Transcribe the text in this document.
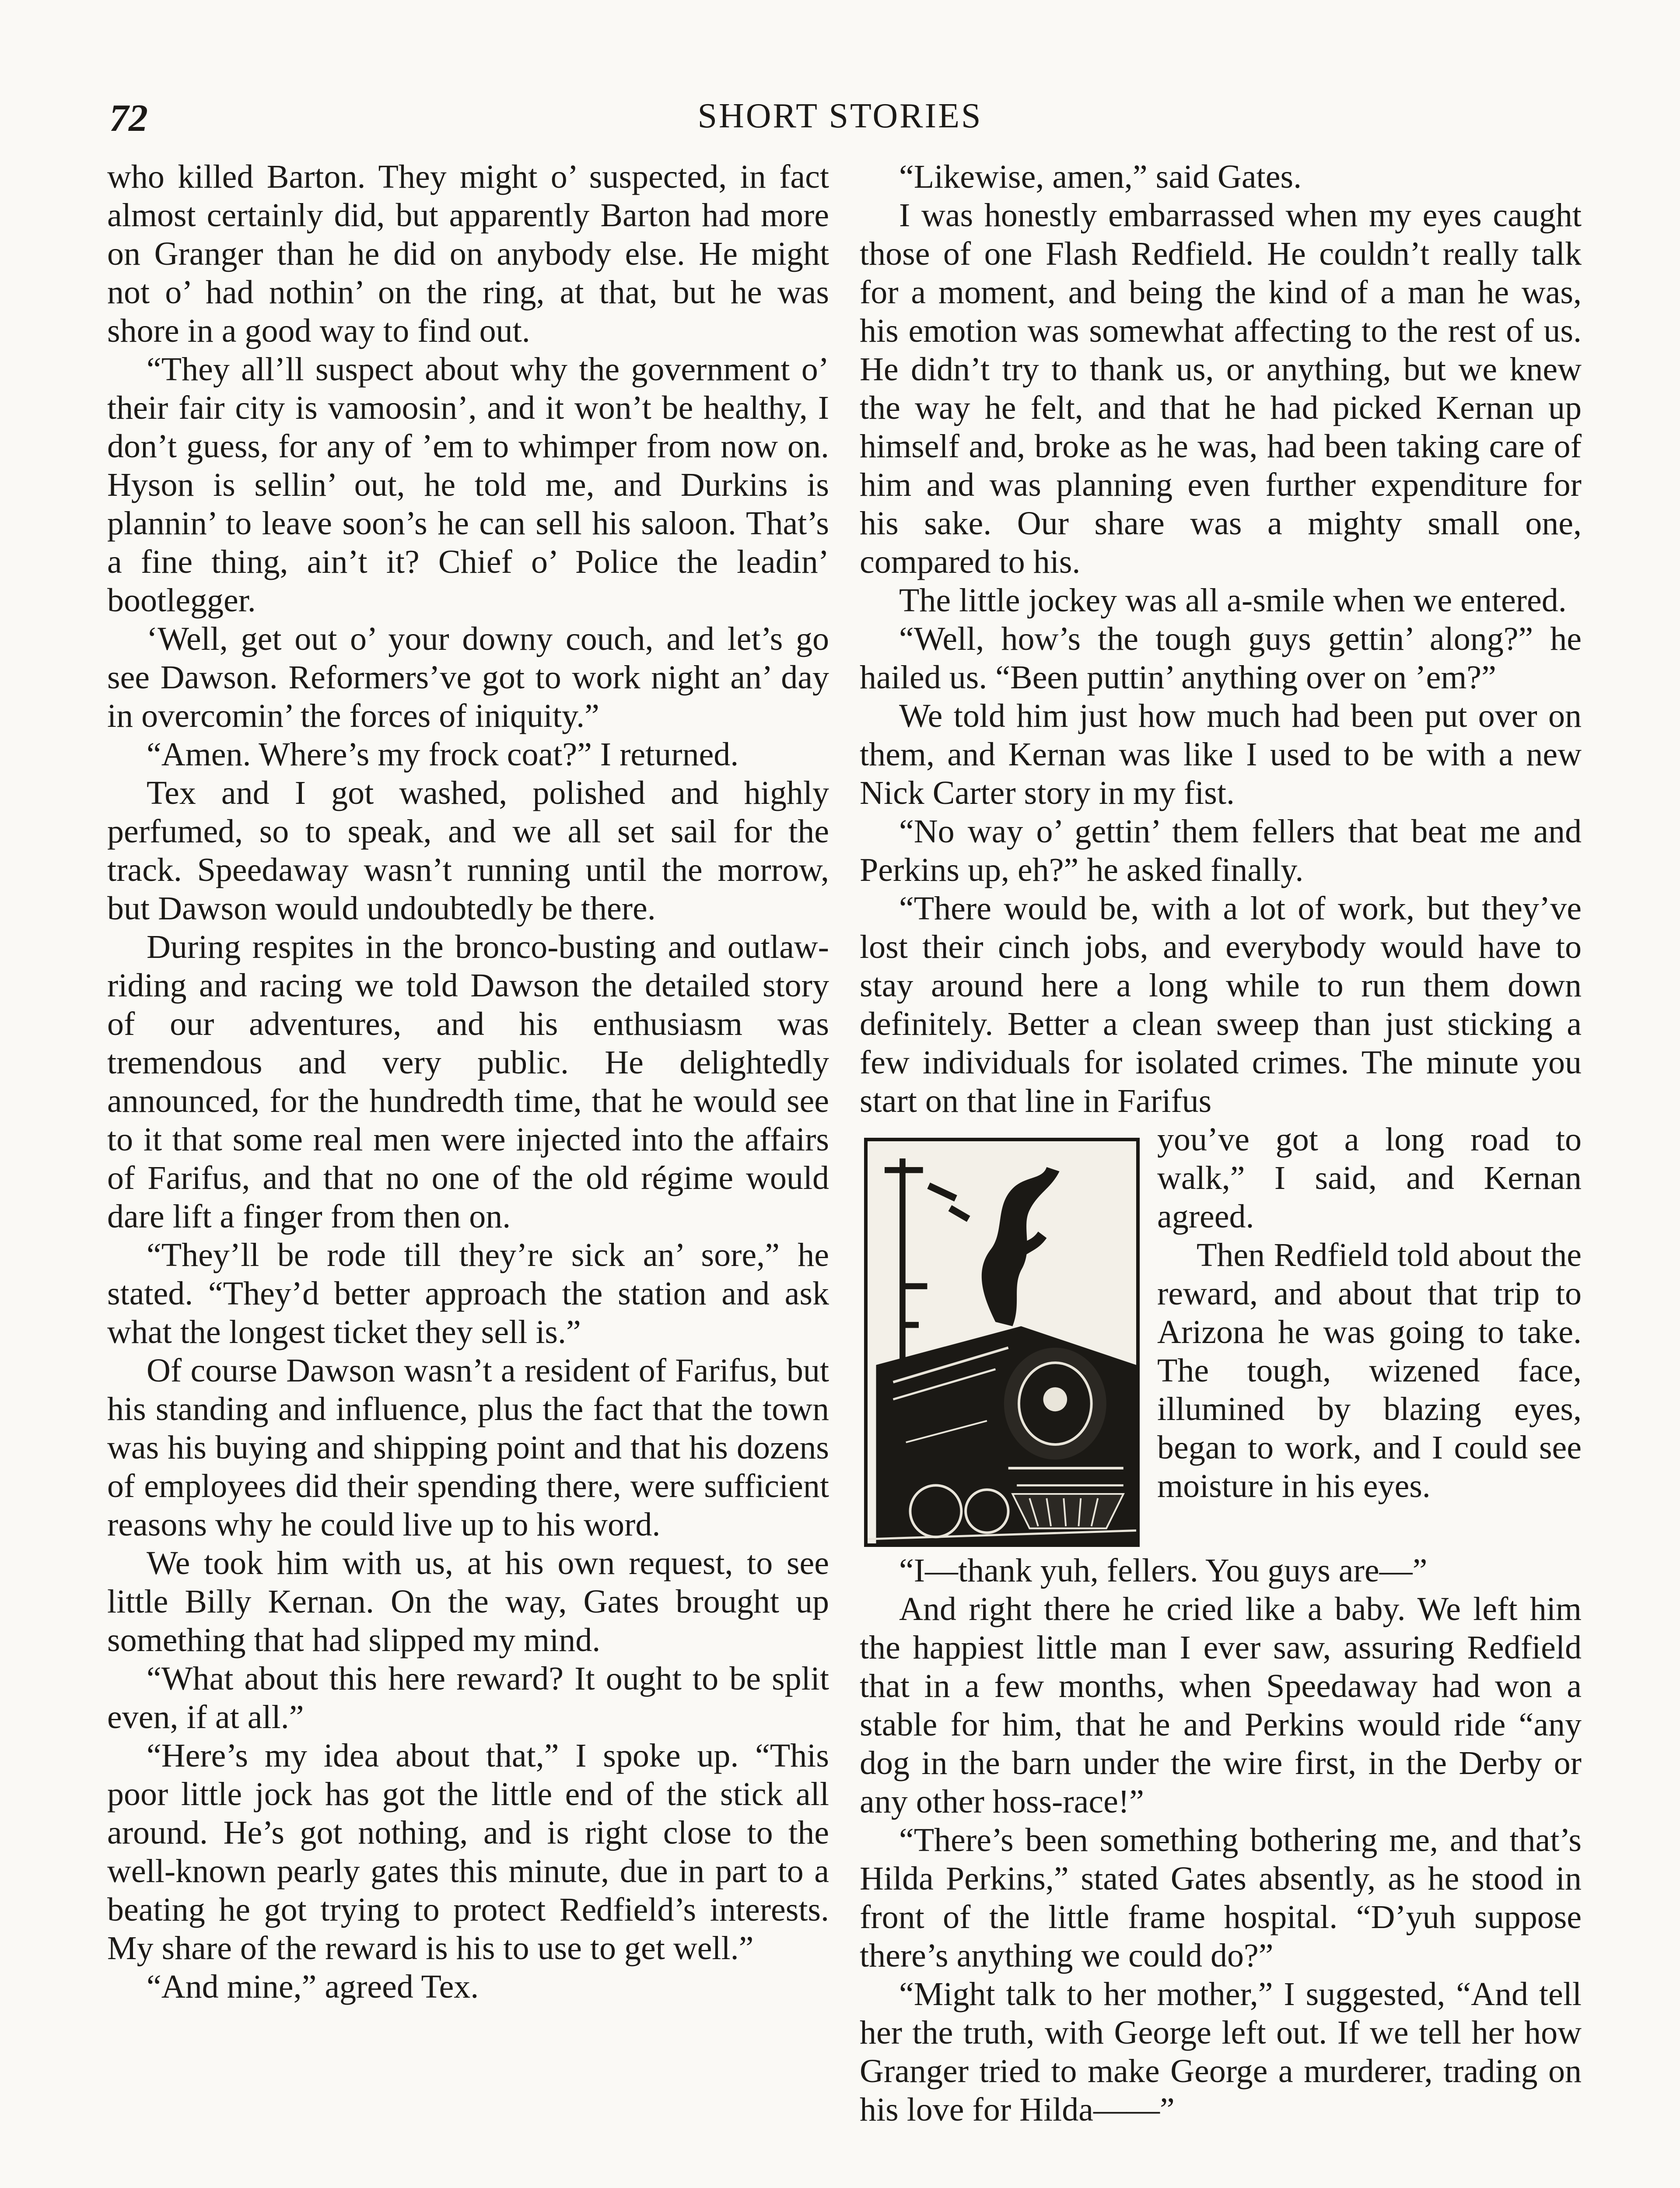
72	SHORT STORIES

who killed Barton. They might o’ suspected, in fact almost certainly did, but apparently Barton had more on Granger than he did on anybody else. He might not o’ had nothin’ on the ring, at that, but he was shore in a good way to find out.

“They all’ll suspect about why the government o’ their fair city is vamoosin’, and it won’t be healthy, I don’t guess, for any of ’em to whimper from now on. Hyson is sellin’ out, he told me, and Durkins is plannin’ to leave soon’s he can sell his saloon. That’s a fine thing, ain’t it? Chief o’ Police the leadin’ bootlegger.

‘Well, get out o’ your downy couch, and let’s go see Dawson. Reformers’ve got to work night an’ day in overcomin’ the forces of iniquity.”

“Amen. Where’s my frock coat?” I returned.

Tex and I got washed, polished and highly perfumed, so to speak, and we all set sail for the track. Speedaway wasn’t running until the morrow, but Dawson would undoubtedly be there.

During respites in the bronco-busting and outlaw-riding and racing we told Dawson the detailed story of our adventures, and his enthusiasm was tremendous and very public. He delightedly announced, for the hundredth time, that he would see to it that some real men were injected into the affairs of Farifus, and that no one of the old régime would dare lift a finger from then on.

“They’ll be rode till they’re sick an’ sore,” he stated. “They’d better approach the station and ask what the longest ticket they sell is.”

Of course Dawson wasn’t a resident of Farifus, but his standing and influence, plus the fact that the town was his buying and shipping point and that his dozens of employees did their spending there, were sufficient reasons why he could live up to his word.

We took him with us, at his own request, to see little Billy Kernan. On the way, Gates brought up something that had slipped my mind.

“What about this here reward? It ought to be split even, if at all.”

“Here’s my idea about that,” I spoke up. “This poor little jock has got the little end of the stick all around. He’s got nothing, and is right close to the well-known pearly gates this minute, due in part to a beating he got trying to protect Redfield’s interests. My share of the reward is his to use to get well.”

“And mine,” agreed Tex.

“Likewise, amen,” said Gates.

I was honestly embarrassed when my eyes caught those of one Flash Redfield. He couldn’t really talk for a moment, and being the kind of a man he was, his emotion was somewhat affecting to the rest of us. He didn’t try to thank us, or anything, but we knew the way he felt, and that he had picked Kernan up himself and, broke as he was, had been taking care of him and was planning even further expenditure for his sake. Our share was a mighty small one, compared to his.

The little jockey was all a-smile when we entered.

“Well, how’s the tough guys gettin’ along?” he hailed us. “Been puttin’ anything over on ’em?”

We told him just how much had been put over on them, and Kernan was like I used to be with a new Nick Carter story in my fist.

“No way o’ gettin’ them fellers that beat me and Perkins up, eh?” he asked finally.

“There would be, with a lot of work, but they’ve lost their cinch jobs, and everybody would have to stay around here a long while to run them down definitely. Better a clean sweep than just sticking a few individuals for isolated crimes. The minute you start on that line in Farifus

you’ve got a long road to walk,” I said, and Kernan agreed.

Then Redfield told about the reward, and about that trip to Arizona he was going to take. The tough, wizened face, illumined by blazing eyes, began to work, and I could see moisture in his eyes.

“I—thank yuh, fellers. You guys are—”

And right there he cried like a baby. We left him the happiest little man I ever saw, assuring Redfield that in a few months, when Speedaway had won a stable for him, that he and Perkins would ride “any dog in the barn under the wire first, in the Derby or any other hoss-race!”

“There’s been something bothering me, and that’s Hilda Perkins,” stated Gates absently, as he stood in front of the little frame hospital. “D’yuh suppose there’s anything we could do?”

“Might talk to her mother,” I suggested, “And tell her the truth, with George left out. If we tell her how Granger tried to make George a murderer, trading on his love for Hilda——”
